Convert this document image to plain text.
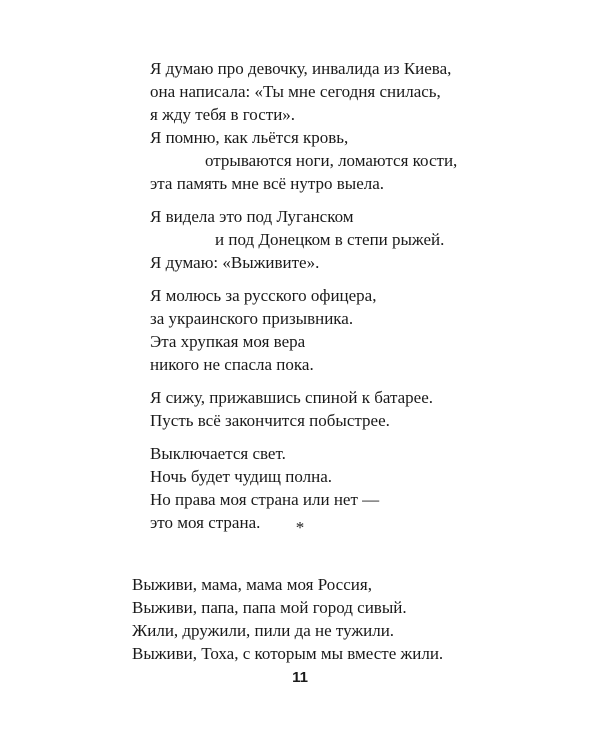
Я думаю про девочку, инвалида из Киева,
она написала: «Ты мне сегодня снилась,
я жду тебя в гости».
Я помню, как льётся кровь,
отрываются ноги, ломаются кости,
эта память мне всё нутро выела.
Я видела это под Луганском
и под Донецком в степи рыжей.
Я думаю: «Выживите».
Я молюсь за русского офицера,
за украинского призывника.
Эта хрупкая моя вера
никого не спасла пока.
Я сижу, прижавшись спиной к батарее.
Пусть всё закончится побыстрее.
Выключается свет.
Ночь будет чудищ полна.
Но права моя страна или нет —
это моя страна.	*
Выживи, мама, мама моя Россия,
Выживи, папа, папа мой город сивый.
Жили, дружили, пили да не тужили.
Выживи, Тоха, с которым мы вместе жили.
11
